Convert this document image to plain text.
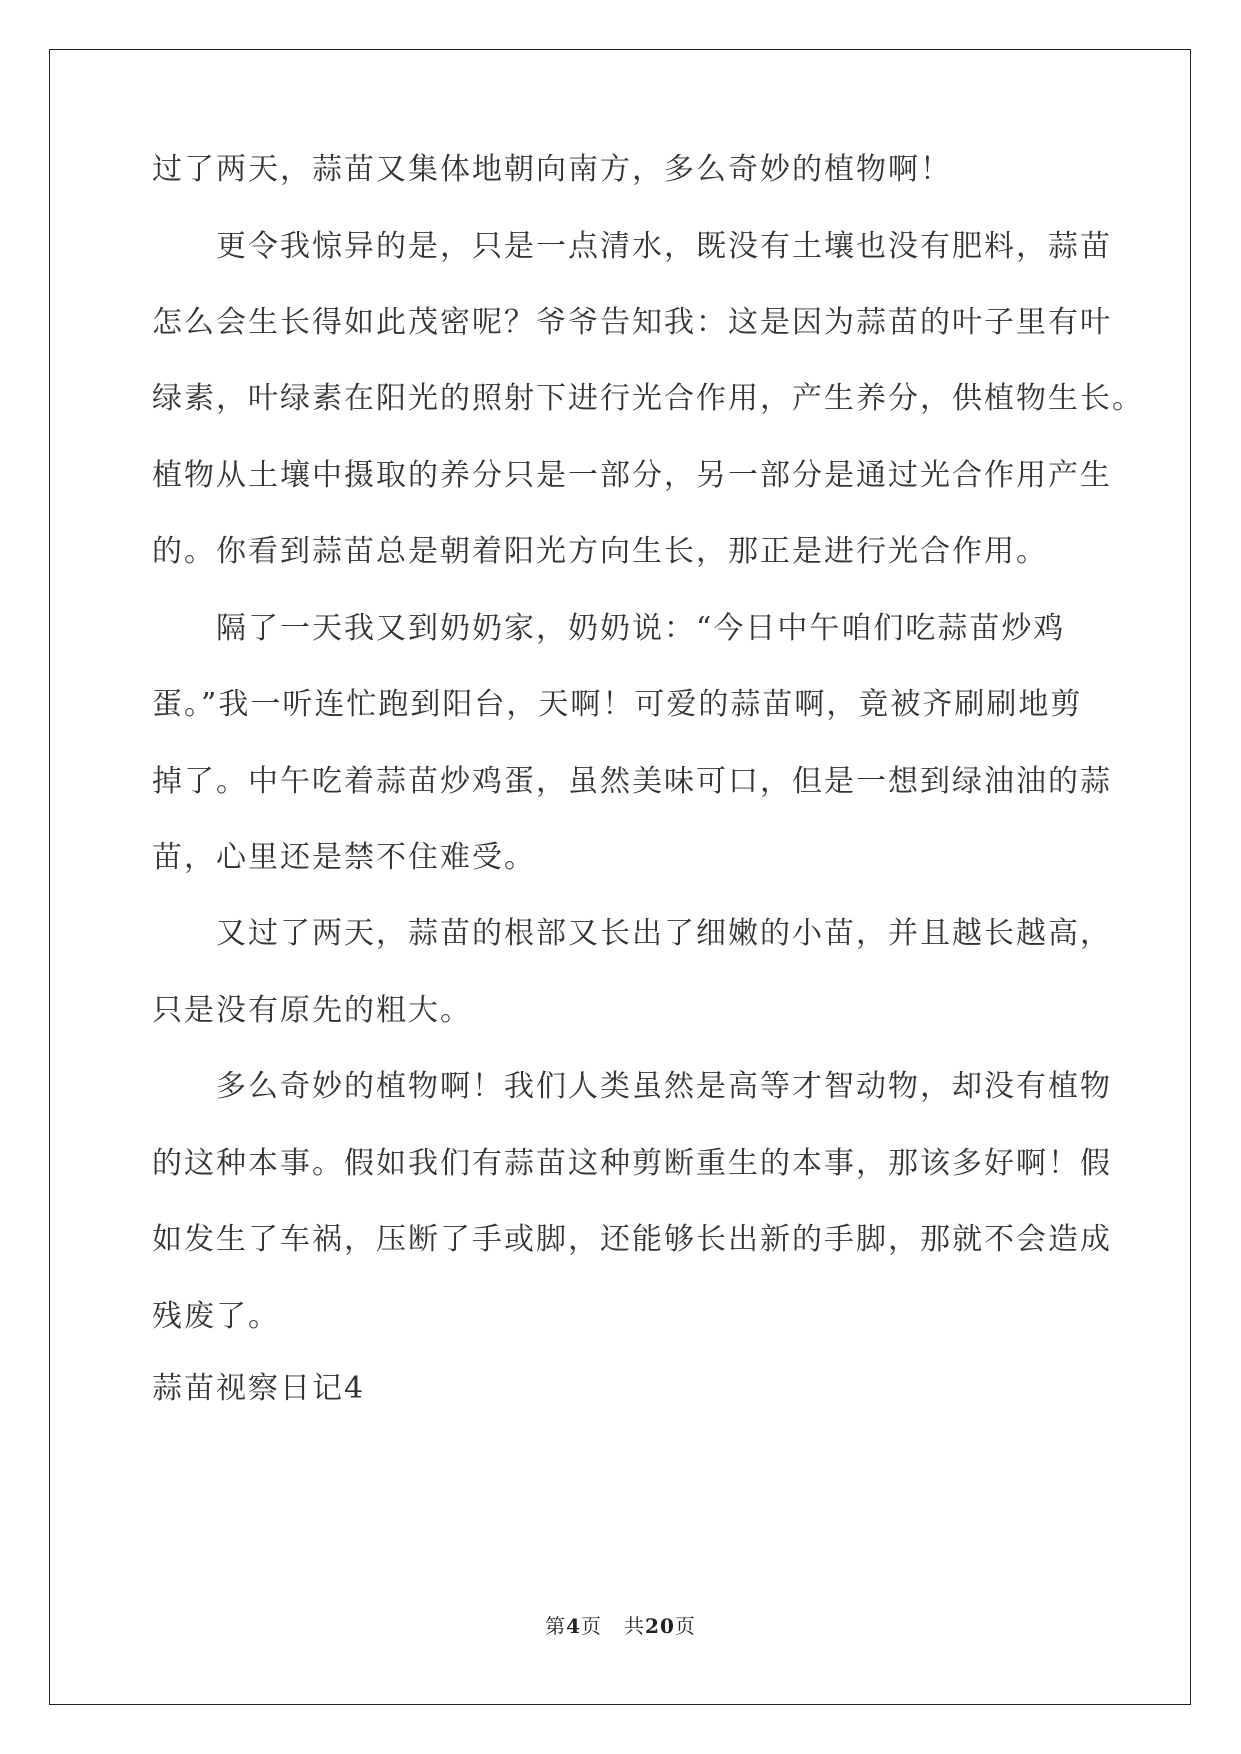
过了两天，蒜苗又集体地朝向南方，多么奇妙的植物啊！
更令我惊异的是，只是一点清水，既没有土壤也没有肥料，蒜苗
怎么会生长得如此茂密呢？爷爷告知我：这是因为蒜苗的叶子里有叶
绿素，叶绿素在阳光的照射下进行光合作用，产生养分，供植物生长。
植物从土壤中摄取的养分只是一部分，另一部分是通过光合作用产生
的。你看到蒜苗总是朝着阳光方向生长，那正是进行光合作用。
隔了一天我又到奶奶家，奶奶说：“今日中午咱们吃蒜苗炒鸡
蛋。”我一听连忙跑到阳台，天啊！可爱的蒜苗啊，竟被齐刷刷地剪
掉了。中午吃着蒜苗炒鸡蛋，虽然美味可口，但是一想到绿油油的蒜
苗，心里还是禁不住难受。
又过了两天，蒜苗的根部又长出了细嫩的小苗，并且越长越高，
只是没有原先的粗大。
多么奇妙的植物啊！我们人类虽然是高等才智动物，却没有植物
的这种本事。假如我们有蒜苗这种剪断重生的本事，那该多好啊！假
如发生了车祸，压断了手或脚，还能够长出新的手脚，那就不会造成
残废了。
蒜苗视察日记4
第4页 共20页
